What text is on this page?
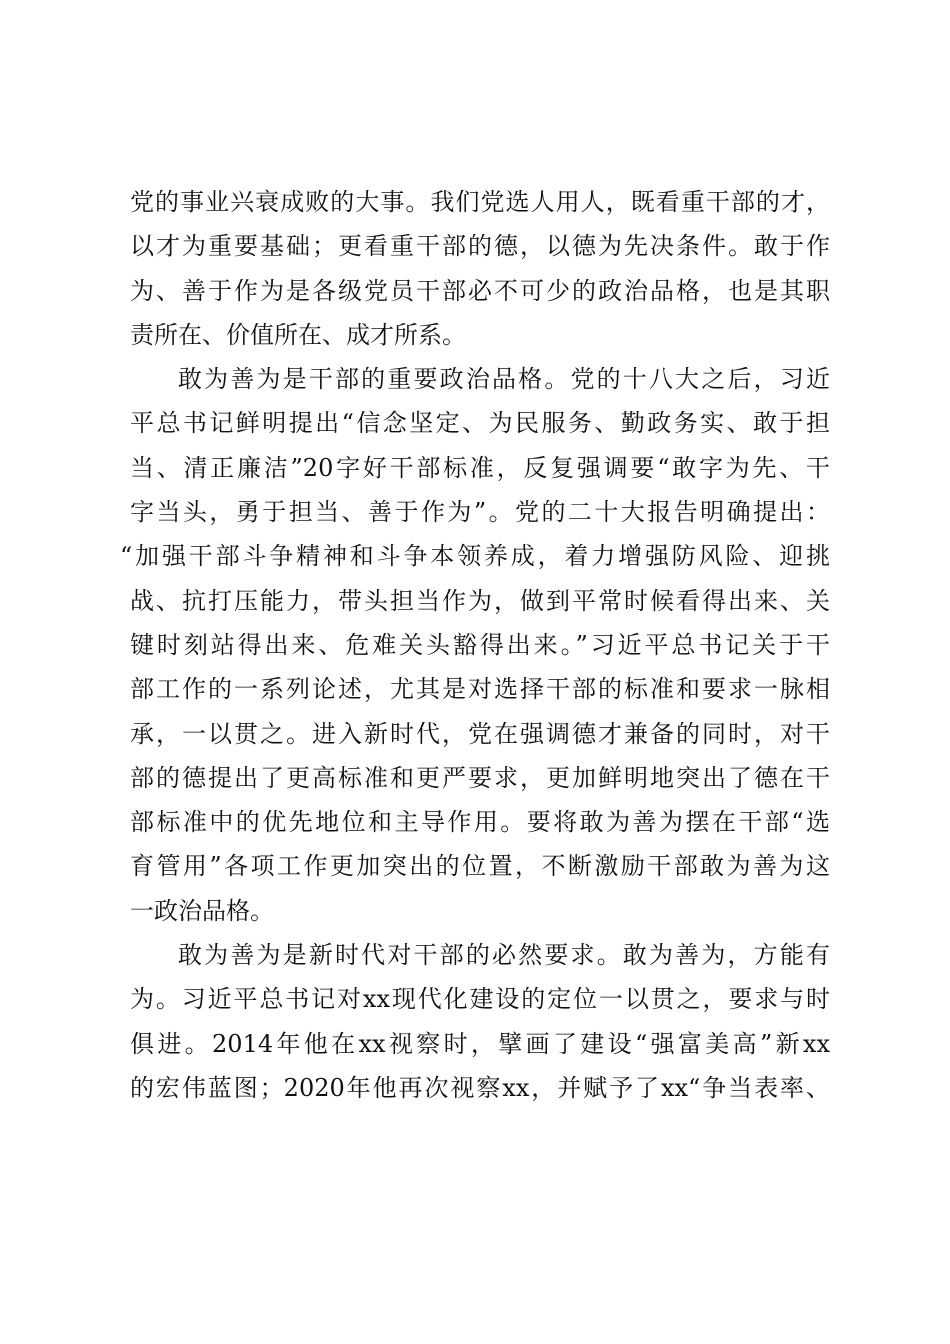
党的事业兴衰成败的大事。我们党选人用人，既看重干部的才，
以才为重要基础；更看重干部的德，以德为先决条件。敢于作
为、善于作为是各级党员干部必不可少的政治品格，也是其职
责所在、价值所在、成才所系。
敢为善为是干部的重要政治品格。党的十八大之后，习近
平总书记鲜明提出“信念坚定、为民服务、勤政务实、敢于担
当、清正廉洁”20字好干部标准，反复强调要“敢字为先、干
字当头，勇于担当、善于作为”。党的二十大报告明确提出：
“加强干部斗争精神和斗争本领养成，着力增强防风险、迎挑
战、抗打压能力，带头担当作为，做到平常时候看得出来、关
键时刻站得出来、危难关头豁得出来。”习近平总书记关于干
部工作的一系列论述，尤其是对选择干部的标准和要求一脉相
承，一以贯之。进入新时代，党在强调德才兼备的同时，对干
部的德提出了更高标准和更严要求，更加鲜明地突出了德在干
部标准中的优先地位和主导作用。要将敢为善为摆在干部“选
育管用”各项工作更加突出的位置，不断激励干部敢为善为这
一政治品格。
敢为善为是新时代对干部的必然要求。敢为善为，方能有
为。习近平总书记对xx现代化建设的定位一以贯之，要求与时
俱进。2014年他在xx视察时，擘画了建设“强富美高”新xx
的宏伟蓝图；2020年他再次视察xx，并赋予了xx“争当表率、
